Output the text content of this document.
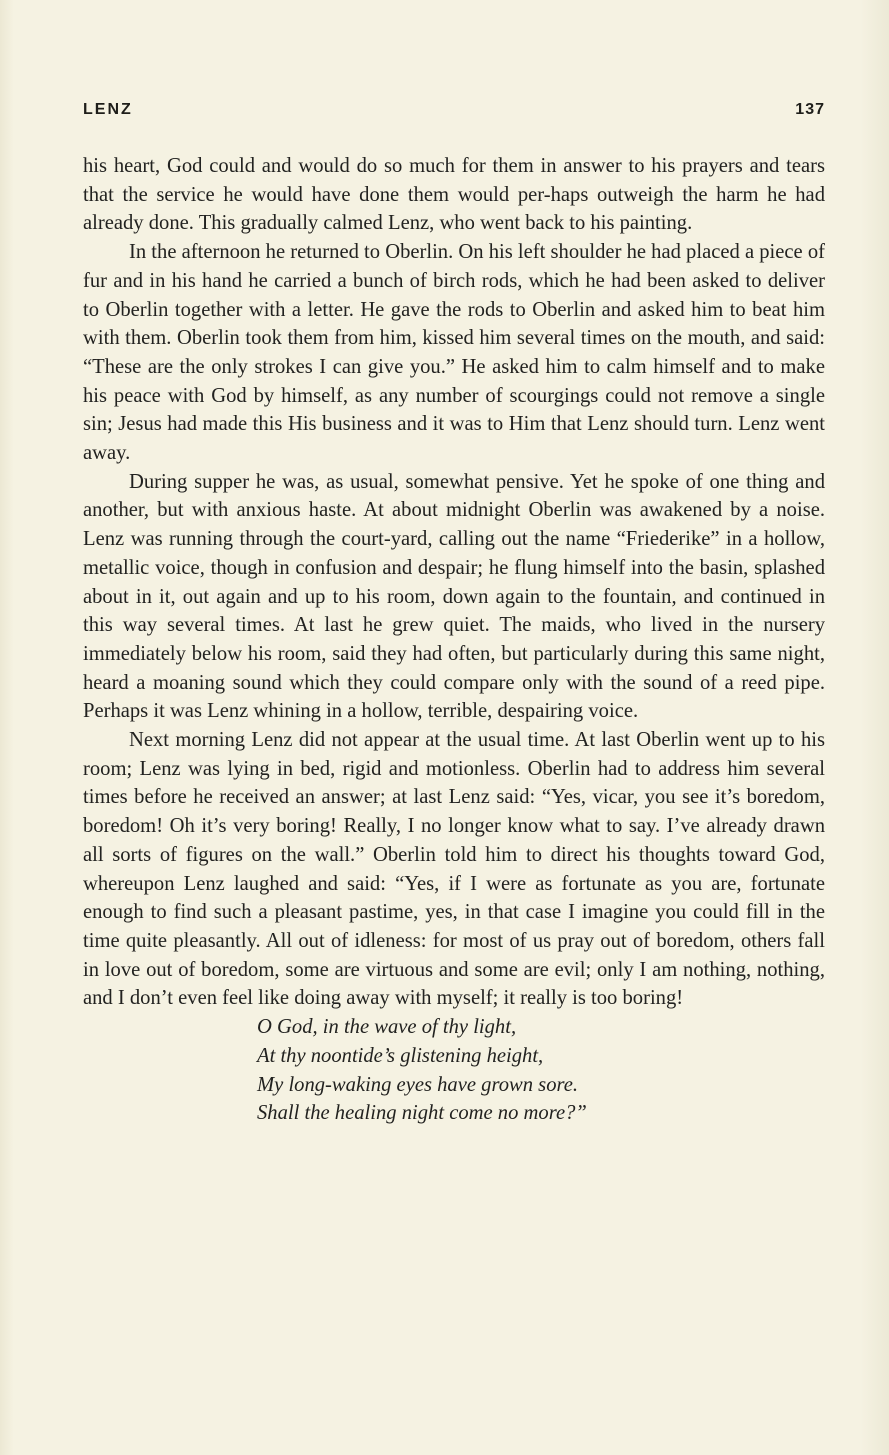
LENZ	137

his heart, God could and would do so much for them in answer to his prayers and tears that the service he would have done them would per-haps outweigh the harm he had already done. This gradually calmed Lenz, who went back to his painting.

In the afternoon he returned to Oberlin. On his left shoulder he had placed a piece of fur and in his hand he carried a bunch of birch rods, which he had been asked to deliver to Oberlin together with a letter. He gave the rods to Oberlin and asked him to beat him with them. Oberlin took them from him, kissed him several times on the mouth, and said: “These are the only strokes I can give you.” He asked him to calm himself and to make his peace with God by himself, as any number of scourgings could not remove a single sin; Jesus had made this His business and it was to Him that Lenz should turn. Lenz went away.

During supper he was, as usual, somewhat pensive. Yet he spoke of one thing and another, but with anxious haste. At about midnight Oberlin was awakened by a noise. Lenz was running through the court-yard, calling out the name “Friederike” in a hollow, metallic voice, though in confusion and despair; he flung himself into the basin, splashed about in it, out again and up to his room, down again to the fountain, and continued in this way several times. At last he grew quiet. The maids, who lived in the nursery immediately below his room, said they had often, but particularly during this same night, heard a moaning sound which they could compare only with the sound of a reed pipe. Perhaps it was Lenz whining in a hollow, terrible, despairing voice.

Next morning Lenz did not appear at the usual time. At last Oberlin went up to his room; Lenz was lying in bed, rigid and motionless. Oberlin had to address him several times before he received an answer; at last Lenz said: “Yes, vicar, you see it’s boredom, boredom! Oh it’s very boring! Really, I no longer know what to say. I’ve already drawn all sorts of figures on the wall.” Oberlin told him to direct his thoughts toward God, whereupon Lenz laughed and said: “Yes, if I were as fortunate as you are, fortunate enough to find such a pleasant pastime, yes, in that case I imagine you could fill in the time quite pleasantly. All out of idleness: for most of us pray out of boredom, others fall in love out of boredom, some are virtuous and some are evil; only I am nothing, nothing, and I don’t even feel like doing away with myself; it really is too boring!

O God, in the wave of thy light,
At thy noontide’s glistening height,
My long-waking eyes have grown sore.
Shall the healing night come no more?”
